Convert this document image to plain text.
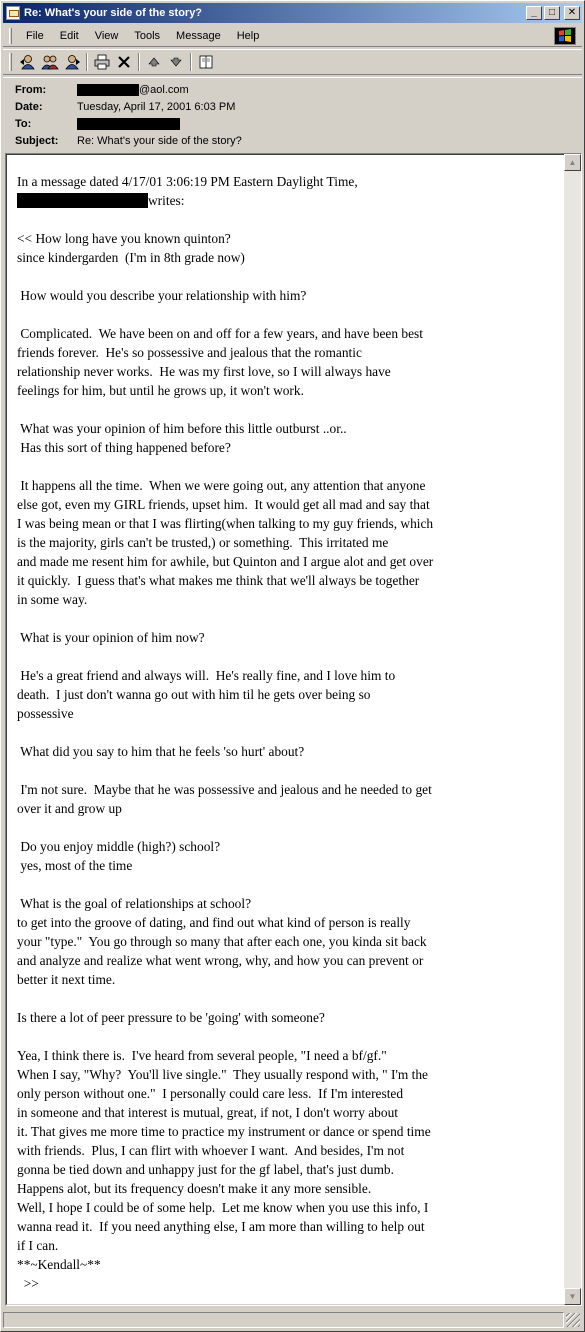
Re: What's your side of the story?	_	□	✕
File	Edit	View	Tools	Message	Help
From:	@aol.com
Date:	Tuesday, April 17, 2001 6:03 PM
To:
Subject:	Re: What's your side of the story?
In a message dated 4/17/01 3:06:19 PM Eastern Daylight Time,
writes:

<< How long have you known quinton?
since kindergarden  (I'm in 8th grade now)

How would you describe your relationship with him?

Complicated.  We have been on and off for a few years, and have been best
friends forever.  He's so possessive and jealous that the romantic
relationship never works.  He was my first love, so I will always have
feelings for him, but until he grows up, it won't work.

What was your opinion of him before this little outburst ..or..
Has this sort of thing happened before?

It happens all the time.  When we were going out, any attention that anyone
else got, even my GIRL friends, upset him.  It would get all mad and say that
I was being mean or that I was flirting(when talking to my guy friends, which
is the majority, girls can't be trusted,) or something.  This irritated me
and made me resent him for awhile, but Quinton and I argue alot and get over
it quickly.  I guess that's what makes me think that we'll always be together
in some way.

What is your opinion of him now?

He's a great friend and always will.  He's really fine, and I love him to
death.  I just don't wanna go out with him til he gets over being so
possessive

What did you say to him that he feels 'so hurt' about?

I'm not sure.  Maybe that he was possessive and jealous and he needed to get
over it and grow up

Do you enjoy middle (high?) school?
yes, most of the time

What is the goal of relationships at school?
to get into the groove of dating, and find out what kind of person is really
your "type."  You go through so many that after each one, you kinda sit back
and analyze and realize what went wrong, why, and how you can prevent or
better it next time.

Is there a lot of peer pressure to be 'going' with someone?

Yea, I think there is.  I've heard from several people, "I need a bf/gf."
When I say, "Why?  You'll live single."  They usually respond with, " I'm the
only person without one."  I personally could care less.  If I'm interested
in someone and that interest is mutual, great, if not, I don't worry about
it. That gives me more time to practice my instrument or dance or spend time
with friends.  Plus, I can flirt with whoever I want.  And besides, I'm not
gonna be tied down and unhappy just for the gf label, that's just dumb.
Happens alot, but its frequency doesn't make it any more sensible.
Well, I hope I could be of some help.  Let me know when you use this info, I
wanna read it.  If you need anything else, I am more than willing to help out
if I can.
**~Kendall~**
>>
▲
▼
